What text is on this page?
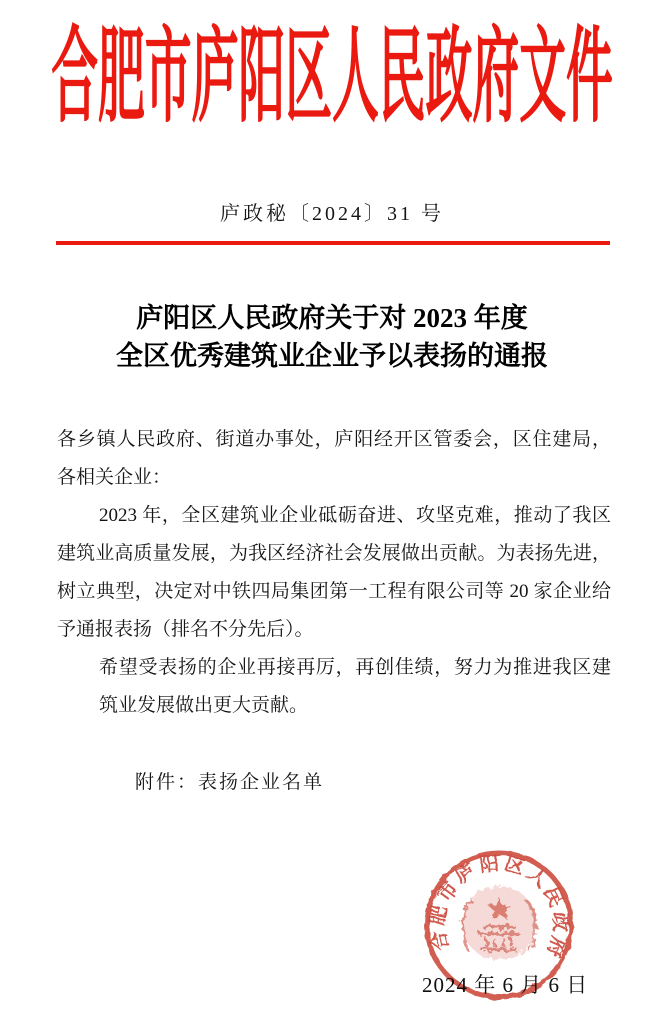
合肥市庐阳区人民政府文件
庐政秘〔2024〕31 号
庐阳区人民政府关于对 2023 年度
全区优秀建筑业企业予以表扬的通报
各乡镇人民政府、街道办事处，庐阳经开区管委会，区住建局，
各相关企业：
2023 年，全区建筑业企业砥砺奋进、攻坚克难，推动了我区
建筑业高质量发展，为我区经济社会发展做出贡献。为表扬先进，
树立典型，决定对中铁四局集团第一工程有限公司等 20 家企业给
予通报表扬（排名不分先后）。
希望受表扬的企业再接再厉，再创佳绩，努力为推进我区建
筑业发展做出更大贡献。
附件：表扬企业名单
2024 年 6 月 6 日
合肥市庐阳区人民政府
